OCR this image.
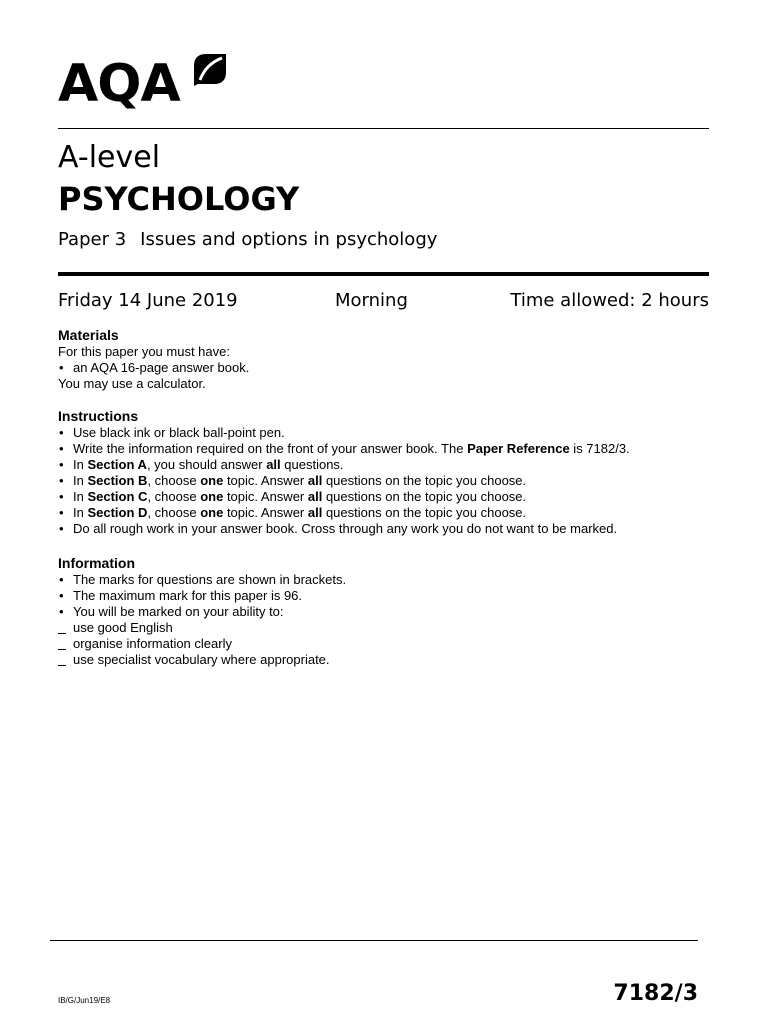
AQA
A-level
PSYCHOLOGY
Paper 3 Issues and options in psychology
Friday 14 June 2019	Morning	Time allowed: 2 hours
Materials

For this paper you must have:

• an AQA 16-page answer book.

You may use a calculator.

Instructions

• Use black ink or black ball-point pen.

• Write the information required on the front of your answer book. The Paper Reference is 7182/3.

• In Section A, you should answer all questions.

• In Section B, choose one topic. Answer all questions on the topic you choose.

• In Section C, choose one topic. Answer all questions on the topic you choose.

• In Section D, choose one topic. Answer all questions on the topic you choose.

• Do all rough work in your answer book. Cross through any work you do not want to be marked.

Information

• The marks for questions are shown in brackets.

• The maximum mark for this paper is 96.

• You will be marked on your ability to:

use good English

organise information clearly

use specialist vocabulary where appropriate.

IB/G/Jun19/E8	7182/3
